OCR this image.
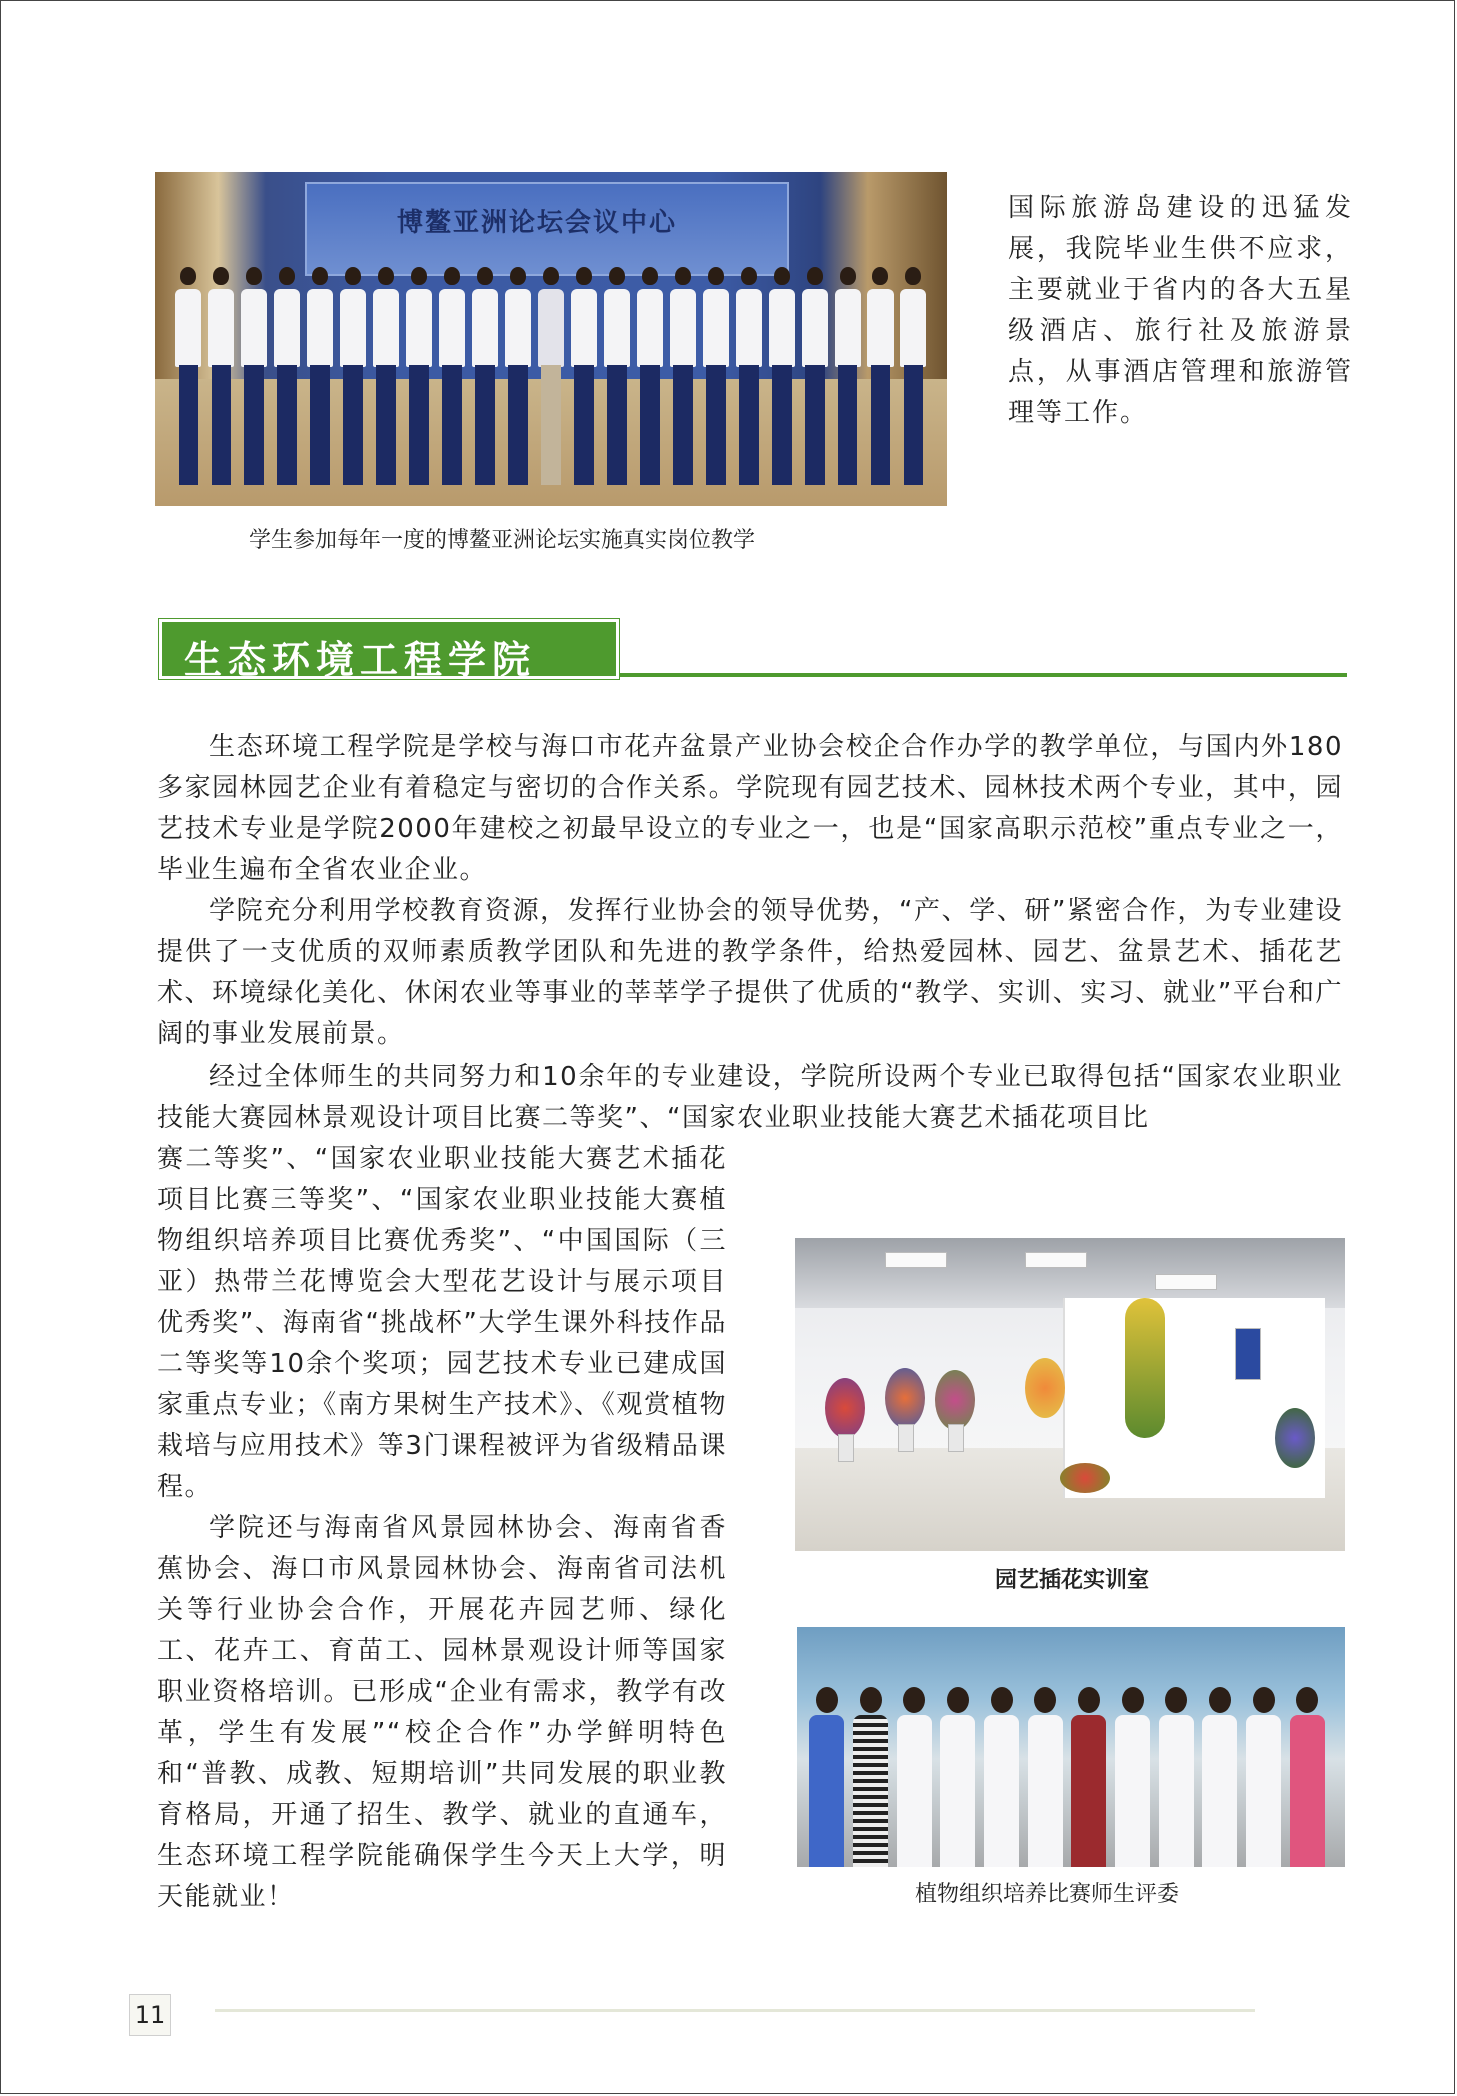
博鳌亚洲论坛会议中心
学生参加每年一度的博鳌亚洲论坛实施真实岗位教学
国际旅游岛建设的迅猛发展，我院毕业生供不应求，主要就业于省内的各大五星级酒店、旅行社及旅游景点，从事酒店管理和旅游管理等工作。
生态环境工程学院

生态环境工程学院是学校与海口市花卉盆景产业协会校企合作办学的教学单位，与国内外180多家园林园艺企业有着稳定与密切的合作关系。学院现有园艺技术、园林技术两个专业，其中，园艺技术专业是学院2000年建校之初最早设立的专业之一，也是“国家高职示范校”重点专业之一，毕业生遍布全省农业企业。
学院充分利用学校教育资源，发挥行业协会的领导优势，“产、学、研”紧密合作，为专业建设提供了一支优质的双师素质教学团队和先进的教学条件，给热爱园林、园艺、盆景艺术、插花艺术、环境绿化美化、休闲农业等事业的莘莘学子提供了优质的“教学、实训、实习、就业”平台和广阔的事业发展前景。

经过全体师生的共同努力和10余年的专业建设，学院所设两个专业已取得包括“国家农业职业技能大赛园林景观设计项目比赛二等奖”、“国家农业职业技能大赛艺术插花项目比

赛二等奖”、“国家农业职业技能大赛艺术插花项目比赛三等奖”、“国家农业职业技能大赛植物组织培养项目比赛优秀奖”、“中国国际（三亚）热带兰花博览会大型花艺设计与展示项目优秀奖”、海南省“挑战杯”大学生课外科技作品二等奖等10余个奖项；园艺技术专业已建成国家重点专业；《南方果树生产技术》、《观赏植物栽培与应用技术》等3门课程被评为省级精品课程。

学院还与海南省风景园林协会、海南省香蕉协会、海口市风景园林协会、海南省司法机关等行业协会合作，开展花卉园艺师、绿化工、花卉工、育苗工、园林景观设计师等国家职业资格培训。已形成“企业有需求，教学有改革，学生有发展”“校企合作”办学鲜明特色和“普教、成教、短期培训”共同发展的职业教育格局，开通了招生、教学、就业的直通车，生态环境工程学院能确保学生今天上大学，明天能就业！

园艺插花实训室
植物组织培养比赛师生评委
11
